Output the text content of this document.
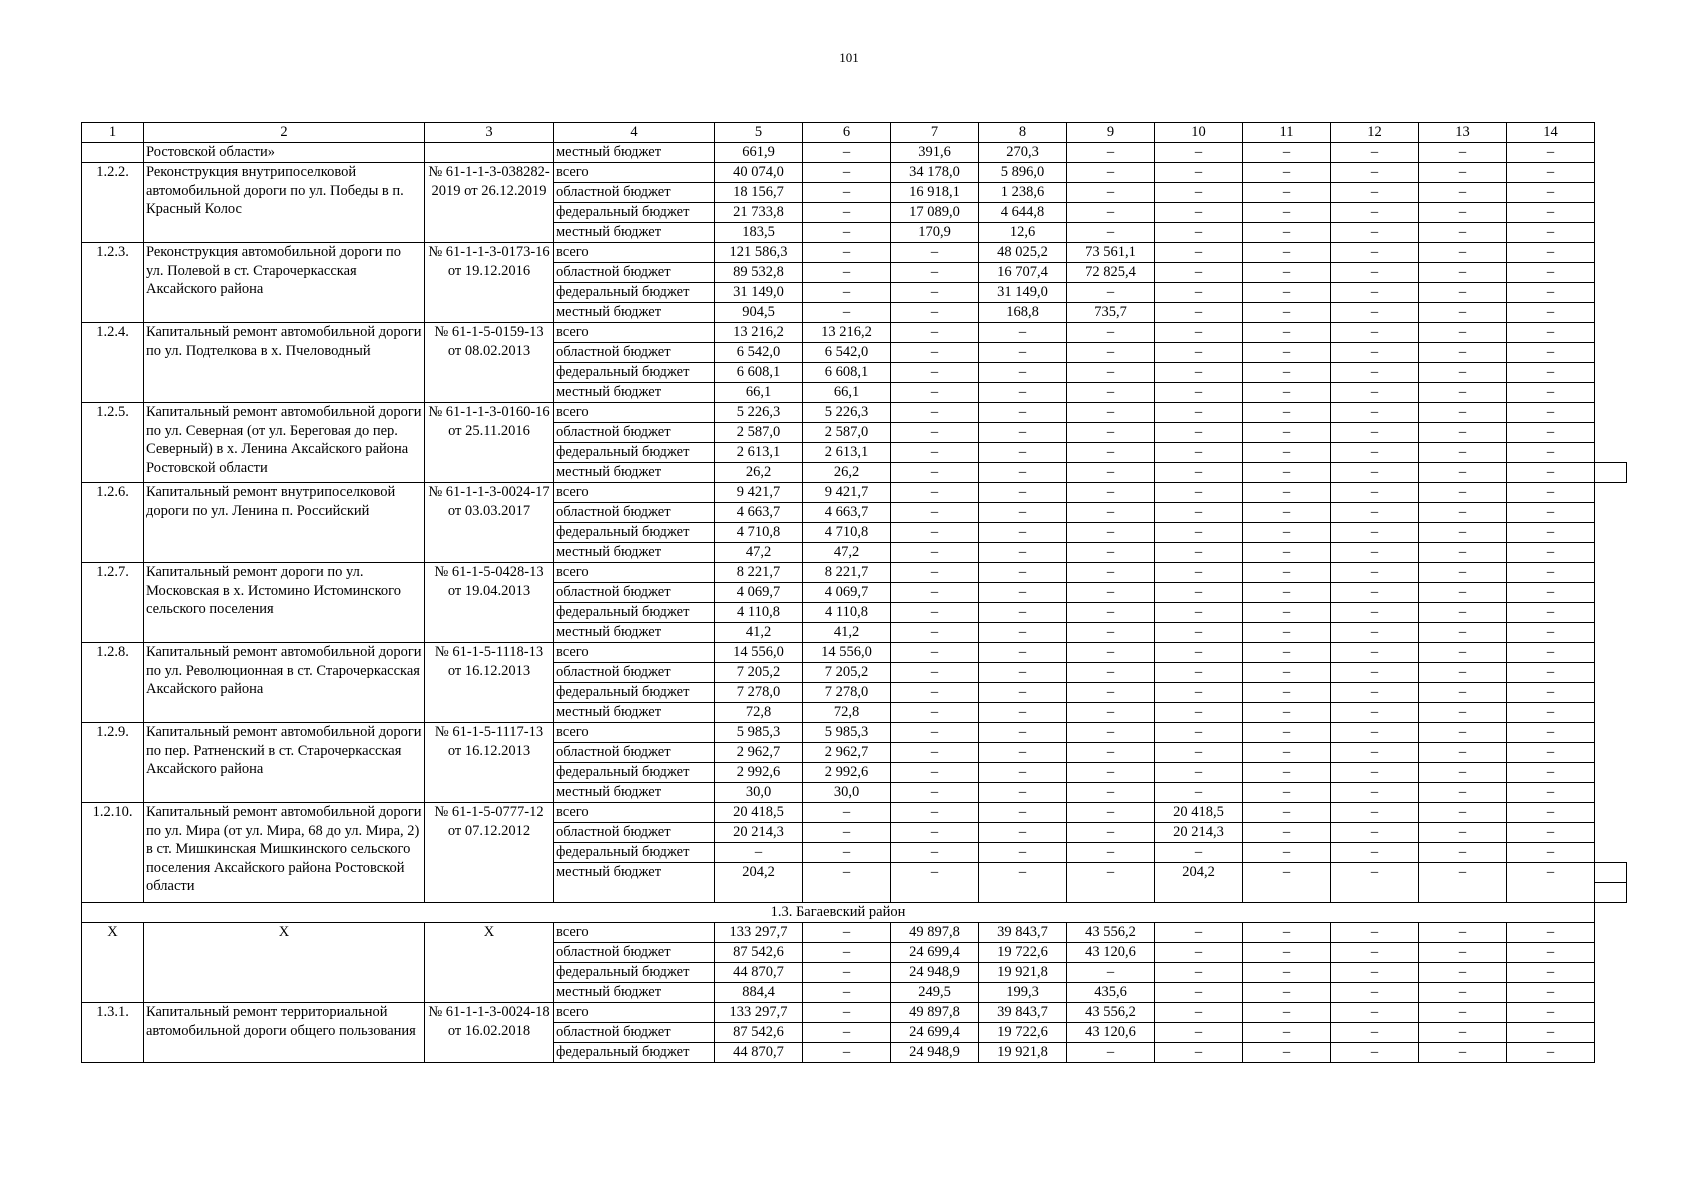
101
1	2	3	4	5	6	7	8	9	10	11	12	13	14	
	Ростовской области»		местный бюджет	661,9	–	391,6	270,3	–	–	–	–	–	–	
1.2.2.	Реконструкция внутрипоселковой автомобильной дороги по ул. Победы в п. Красный Колос	№ 61-1-1-3-038282-2019 от 26.12.2019	всего	40 074,0	–	34 178,0	5 896,0	–	–	–	–	–	–	
			областной бюджет	18 156,7	–	16 918,1	1 238,6	–	–	–	–	–	–	
			федеральный бюджет	21 733,8	–	17 089,0	4 644,8	–	–	–	–	–	–	
			местный бюджет	183,5	–	170,9	12,6	–	–	–	–	–	–	
1.2.3.	Реконструкция автомобильной дороги по ул. Полевой в ст. Старочеркасская Аксайского района	№ 61-1-1-3-0173-16 от 19.12.2016	всего	121 586,3	–	–	48 025,2	73 561,1	–	–	–	–	–	
			областной бюджет	89 532,8	–	–	16 707,4	72 825,4	–	–	–	–	–	
			федеральный бюджет	31 149,0	–	–	31 149,0	–	–	–	–	–	–	
			местный бюджет	904,5	–	–	168,8	735,7	–	–	–	–	–	
1.2.4.	Капитальный ремонт автомобильной дороги по ул. Подтелкова в х. Пчеловодный	№ 61-1-5-0159-13 от 08.02.2013	всего	13 216,2	13 216,2	–	–	–	–	–	–	–	–	
			областной бюджет	6 542,0	6 542,0	–	–	–	–	–	–	–	–	
			федеральный бюджет	6 608,1	6 608,1	–	–	–	–	–	–	–	–	
			местный бюджет	66,1	66,1	–	–	–	–	–	–	–	–	
1.2.5.	Капитальный ремонт автомобильной дороги по ул. Северная (от ул. Береговая до пер. Северный) в х. Ленина Аксайского района Ростовской области	№ 61-1-1-3-0160-16 от 25.11.2016	всего	5 226,3	5 226,3	–	–	–	–	–	–	–	–	
			областной бюджет	2 587,0	2 587,0	–	–	–	–	–	–	–	–	
			федеральный бюджет	2 613,1	2 613,1	–	–	–	–	–	–	–	–	
			местный бюджет	26,2	26,2	–	–	–	–	–	–	–	–	

1.2.6.	Капитальный ремонт внутрипоселковой дороги по ул. Ленина п. Российский	№ 61-1-1-3-0024-17 от 03.03.2017	всего	9 421,7	9 421,7	–	–	–	–	–	–	–	–	
			областной бюджет	4 663,7	4 663,7	–	–	–	–	–	–	–	–	
			федеральный бюджет	4 710,8	4 710,8	–	–	–	–	–	–	–	–	
			местный бюджет	47,2	47,2	–	–	–	–	–	–	–	–	
1.2.7.	Капитальный ремонт дороги по ул. Московская в х. Истомино Истоминского сельского поселения	№ 61-1-5-0428-13 от 19.04.2013	всего	8 221,7	8 221,7	–	–	–	–	–	–	–	–	
			областной бюджет	4 069,7	4 069,7	–	–	–	–	–	–	–	–	
			федеральный бюджет	4 110,8	4 110,8	–	–	–	–	–	–	–	–	
			местный бюджет	41,2	41,2	–	–	–	–	–	–	–	–	
1.2.8.	Капитальный ремонт автомобильной дороги по ул. Революционная в ст. Старочеркасская Аксайского района	№ 61-1-5-1118-13 от 16.12.2013	всего	14 556,0	14 556,0	–	–	–	–	–	–	–	–	
			областной бюджет	7 205,2	7 205,2	–	–	–	–	–	–	–	–	
			федеральный бюджет	7 278,0	7 278,0	–	–	–	–	–	–	–	–	
			местный бюджет	72,8	72,8	–	–	–	–	–	–	–	–	
1.2.9.	Капитальный ремонт автомобильной дороги по пер. Ратненский в ст. Старочеркасская Аксайского района	№ 61-1-5-1117-13 от 16.12.2013	всего	5 985,3	5 985,3	–	–	–	–	–	–	–	–	
			областной бюджет	2 962,7	2 962,7	–	–	–	–	–	–	–	–	
			федеральный бюджет	2 992,6	2 992,6	–	–	–	–	–	–	–	–	
			местный бюджет	30,0	30,0	–	–	–	–	–	–	–	–	
1.2.10.	Капитальный ремонт автомобильной дороги по ул. Мира (от ул. Мира, 68 до ул. Мира, 2) в ст. Мишкинская Мишкинского сельского поселения Аксайского района Ростовской области	№ 61-1-5-0777-12 от 07.12.2012	всего	20 418,5	–	–	–	–	20 418,5	–	–	–	–	
			областной бюджет	20 214,3	–	–	–	–	20 214,3	–	–	–	–	
			федеральный бюджет	–	–	–	–	–	–	–	–	–	–	
			местный бюджет	204,2	–	–	–	–	204,2	–	–	–	–	

1.3. Багаевский район														
X	X	X	всего	133 297,7	–	49 897,8	39 843,7	43 556,2	–	–	–	–	–	
			областной бюджет	87 542,6	–	24 699,4	19 722,6	43 120,6	–	–	–	–	–	
			федеральный бюджет	44 870,7	–	24 948,9	19 921,8	–	–	–	–	–	–	
			местный бюджет	884,4	–	249,5	199,3	435,6	–	–	–	–	–	
1.3.1.	Капитальный ремонт территориальной автомобильной дороги общего пользования	№ 61-1-1-3-0024-18 от 16.02.2018	всего	133 297,7	–	49 897,8	39 843,7	43 556,2	–	–	–	–	–	
			областной бюджет	87 542,6	–	24 699,4	19 722,6	43 120,6	–	–	–	–	–	
			федеральный бюджет	44 870,7	–	24 948,9	19 921,8	–	–	–	–	–	–	
